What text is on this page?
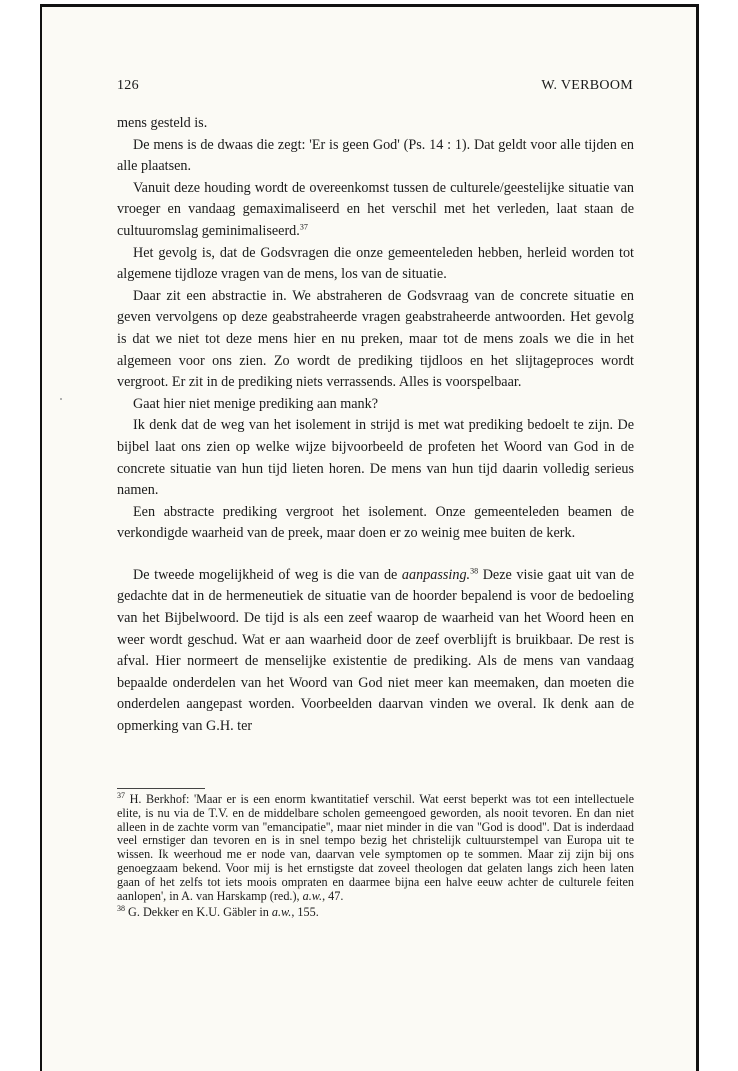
126	W. VERBOOM

mens gesteld is.

De mens is de dwaas die zegt: 'Er is geen God' (Ps. 14 : 1). Dat geldt voor alle tijden en alle plaatsen.

Vanuit deze houding wordt de overeenkomst tussen de culturele/geestelijke situatie van vroeger en vandaag gemaximaliseerd en het verschil met het verleden, laat staan de cultuuromslag geminimaliseerd.$^{37}$

Het gevolg is, dat de Godsvragen die onze gemeenteleden hebben, herleid worden tot algemene tijdloze vragen van de mens, los van de situatie.

Daar zit een abstractie in. We abstraheren de Godsvraag van de concrete situatie en geven vervolgens op deze geabstraheerde vragen geabstraheerde antwoorden. Het gevolg is dat we niet tot deze mens hier en nu preken, maar tot de mens zoals we die in het algemeen voor ons zien. Zo wordt de prediking tijdloos en het slijtageproces wordt vergroot. Er zit in de prediking niets verrassends. Alles is voorspelbaar.

Gaat hier niet menige prediking aan mank?

Ik denk dat de weg van het isolement in strijd is met wat prediking bedoelt te zijn. De bijbel laat ons zien op welke wijze bijvoorbeeld de profeten het Woord van God in de concrete situatie van hun tijd lieten horen. De mens van hun tijd daarin volledig serieus namen.

Een abstracte prediking vergroot het isolement. Onze gemeenteleden beamen de verkondigde waarheid van de preek, maar doen er zo weinig mee buiten de kerk.

De tweede mogelijkheid of weg is die van de aanpassing.$^{38}$ Deze visie gaat uit van de gedachte dat in de hermeneutiek de situatie van de hoorder bepalend is voor de bedoeling van het Bijbelwoord. De tijd is als een zeef waarop de waarheid van het Woord heen en weer wordt geschud. Wat er aan waarheid door de zeef overblijft is bruikbaar. De rest is afval. Hier normeert de menselijke existentie de prediking. Als de mens van vandaag bepaalde onderdelen van het Woord van God niet meer kan meemaken, dan moeten die onderdelen aangepast worden. Voorbeelden daarvan vinden we overal. Ik denk aan de opmerking van G.H. ter

$^{37}$ H. Berkhof: 'Maar er is een enorm kwantitatief verschil. Wat eerst beperkt was tot een intellectuele elite, is nu via de T.V. en de middelbare scholen gemeengoed geworden, als nooit tevoren. En dan niet alleen in de zachte vorm van ''emancipatie'', maar niet minder in die van ''God is dood''. Dat is inderdaad veel ernstiger dan tevoren en is in snel tempo bezig het christelijk cultuurstempel van Europa uit te wissen. Ik weerhoud me er node van, daarvan vele symptomen op te sommen. Maar zij zijn bij ons genoegzaam bekend. Voor mij is het ernstigste dat zoveel theologen dat gelaten langs zich heen laten gaan of het zelfs tot iets moois ompraten en daarmee bijna een halve eeuw achter de culturele feiten aanlopen', in A. van Harskamp (red.), a.w., 47.

$^{38}$ G. Dekker en K.U. Gäbler in a.w., 155.
